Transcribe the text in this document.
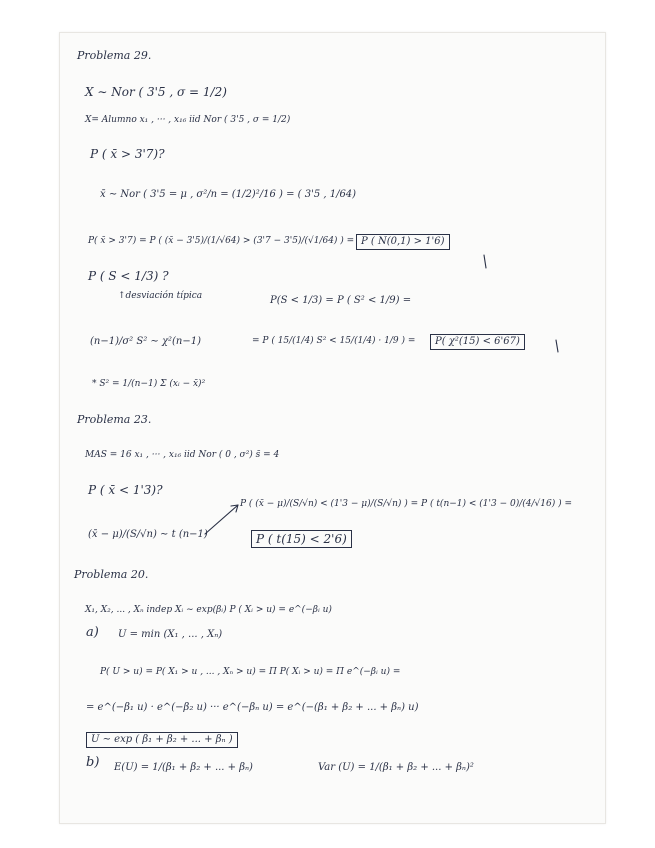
Problema 29.
X ∼ Nor ( 3'5 , σ = 1/2)
X= Alumno x₁ , ··· , x₁₆ iid Nor ( 3'5 , σ = 1/2)
P ( x̄ > 3'7)?
x̄ ∼ Nor ( 3'5 = μ , σ²/n = (1/2)²/16 ) = ( 3'5 , 1/64)
P( x̄ > 3'7) = P ( (x̄ − 3'5)/(1/√64) > (3'7 − 3'5)/(√1/64) ) = P ( N(0,1) > 1'6)
P ( S < 1/3) ?
↑desviación típica	P(S < 1/3) = P ( S² < 1/9) =
(n−1)/σ² S² ∼ χ²(n−1)	= P ( 15/(1/4) S² < 15/(1/4) · 1/9 ) =	P( χ²(15) < 6'67)
* S² = 1/(n−1) Σ (xᵢ − x̄)²
Problema 23.
MAS = 16 x₁ , ··· , x₁₆ iid Nor ( 0 , σ²) s̄ = 4
P ( x̄ < 1'3)?
P ( (x̄ − μ)/(S/√n) < (1'3 − μ)/(S/√n) ) = P ( t(n−1) < (1'3 − 0)/(4/√16) ) =
(x̄ − μ)/(S/√n) ∼ t (n−1)	P ( t(15) < 2'6)
Problema 20.
X₁, X₂, ... , Xₙ indep Xᵢ ∼ exp(βᵢ) P ( Xᵢ > u) = e^(−βᵢ u)
a) U = min (X₁ , ... , Xₙ)
P( U > u) = P( X₁ > u , ... , Xₙ > u) = Π P( Xᵢ > u) = Π e^(−βᵢ u) =
= e^(−β₁ u) · e^(−β₂ u) ··· e^(−βₙ u) = e^(−(β₁ + β₂ + ... + βₙ) u)
U ∼ exp ( β₁ + β₂ + ... + βₙ )
b) E(U) = 1/(β₁ + β₂ + ... + βₙ)	Var (U) = 1/(β₁ + β₂ + ... + βₙ)²
